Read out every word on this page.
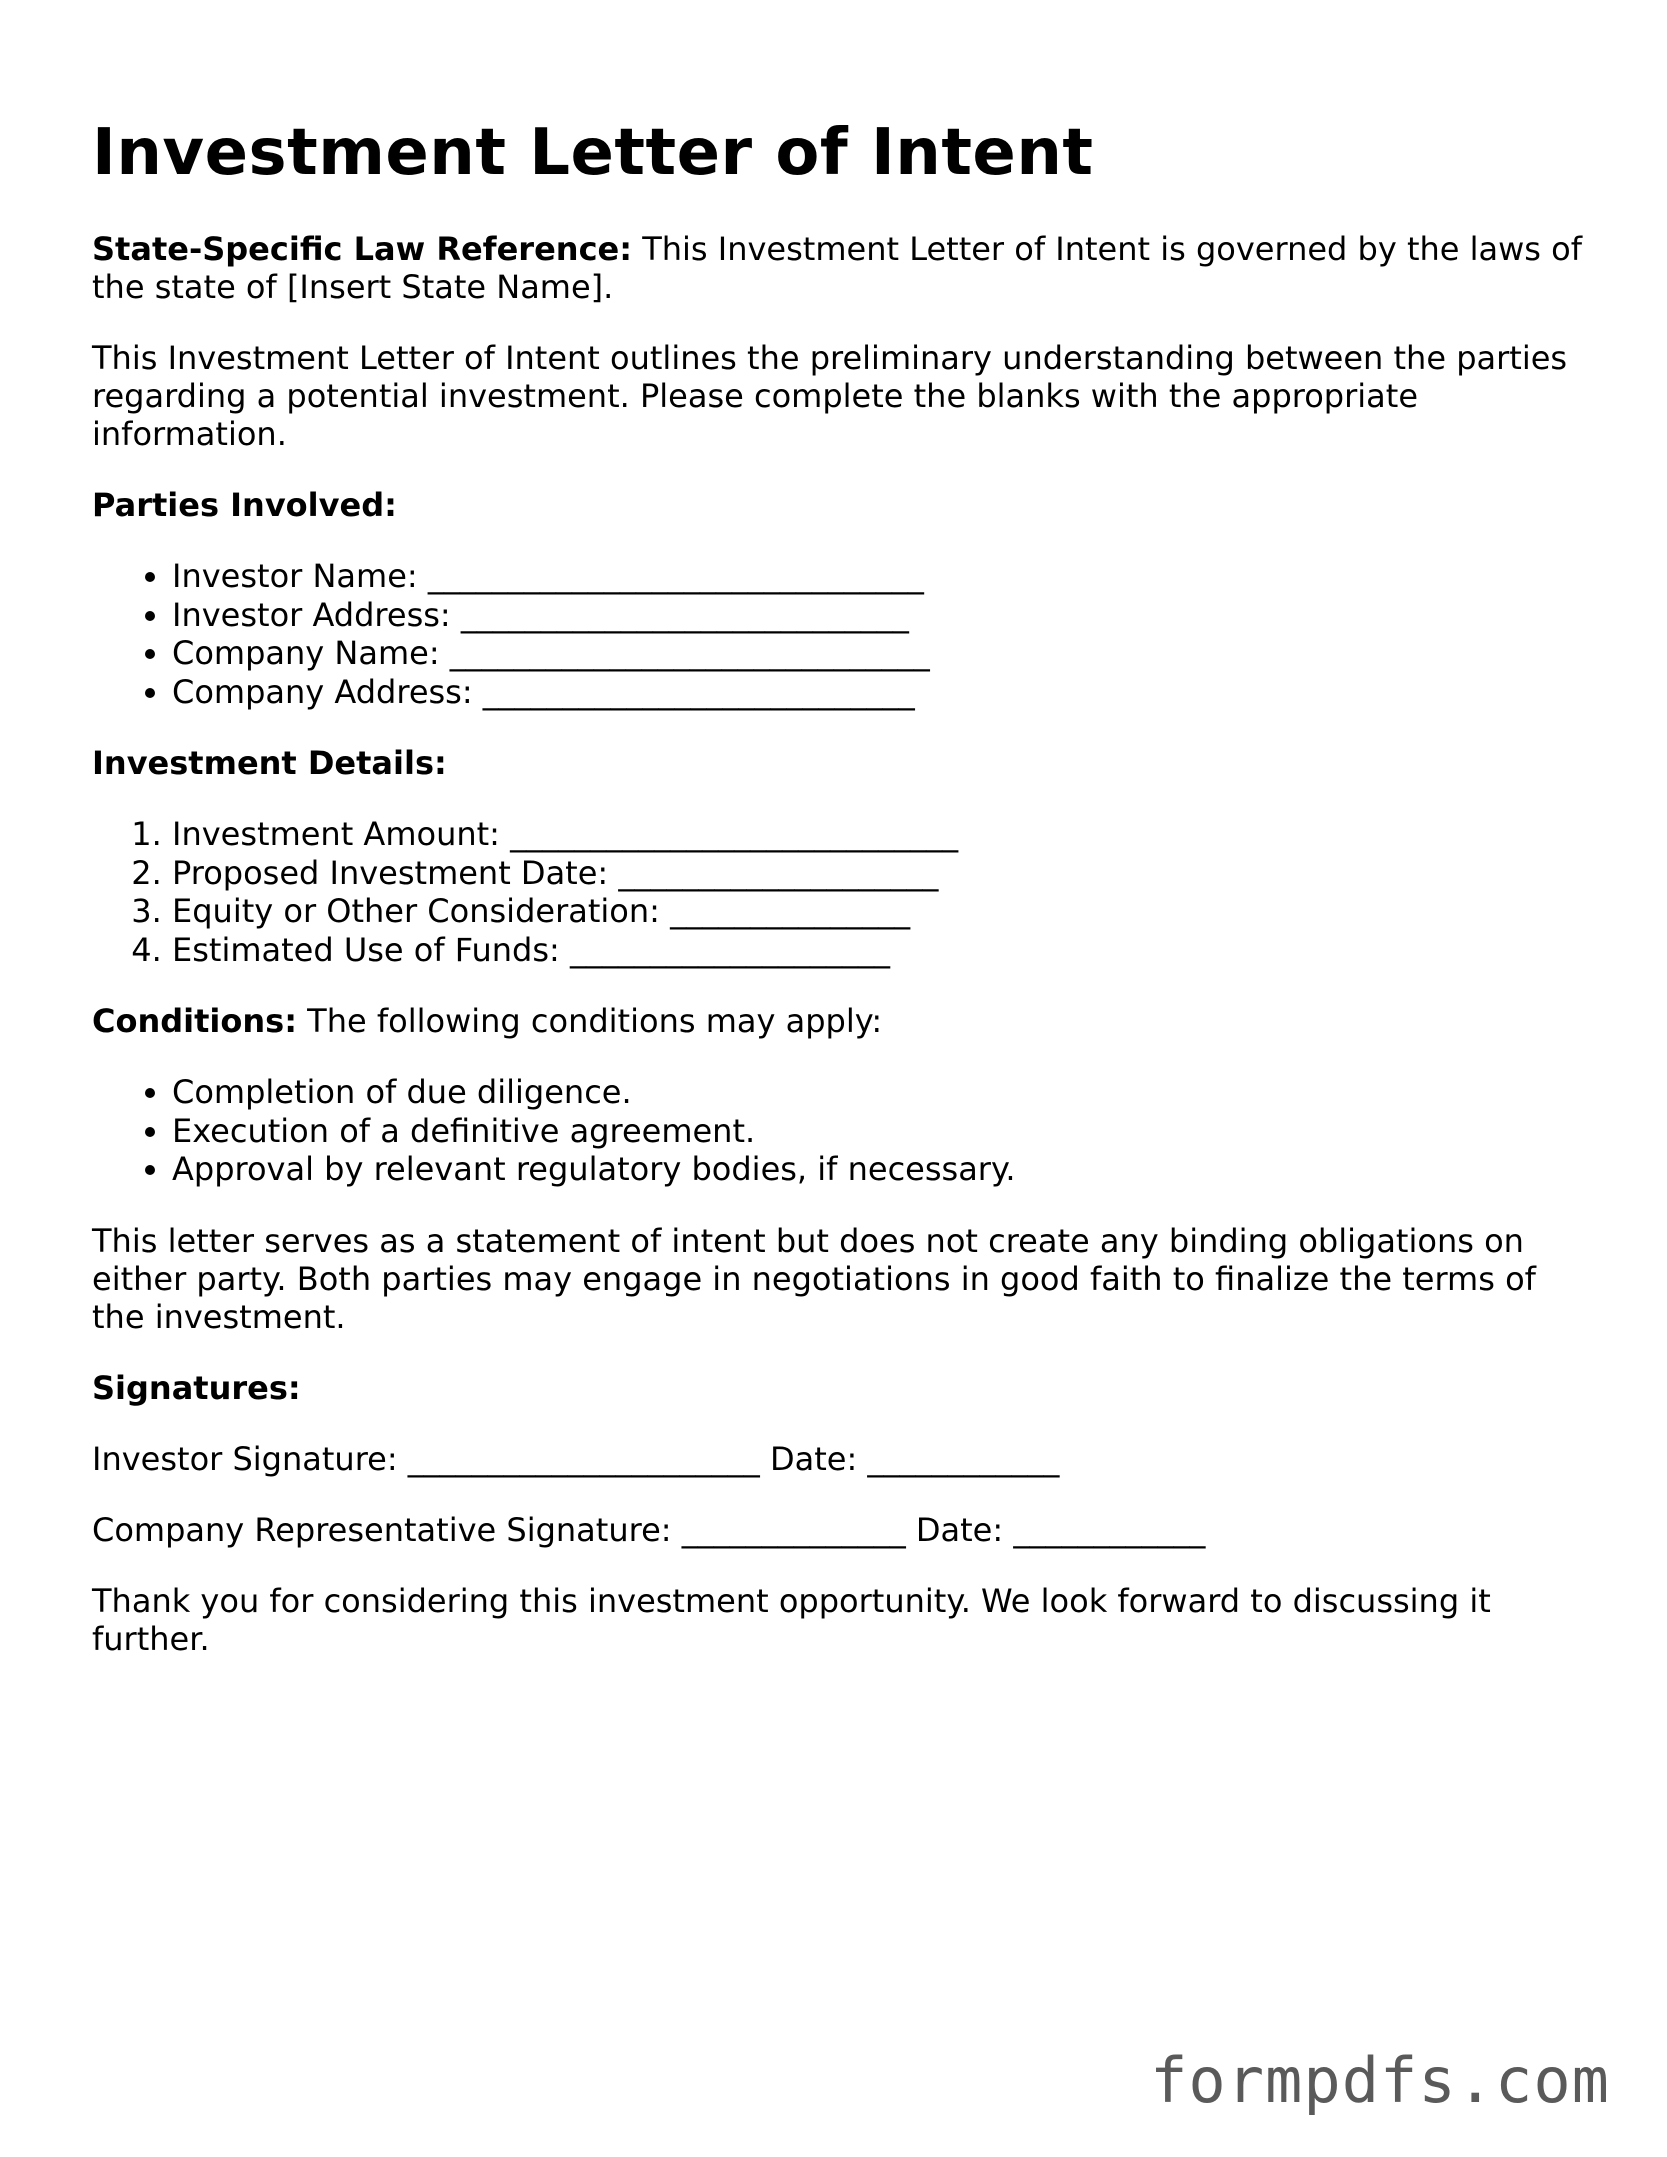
Investment Letter of Intent

State-Specific Law Reference: This Investment Letter of Intent is governed by the laws of the state of [Insert State Name].

This Investment Letter of Intent outlines the preliminary understanding between the parties regarding a potential investment. Please complete the blanks with the appropriate information.

Parties Involved:

• Investor Name: _______________________________
• Investor Address: ____________________________
• Company Name: ______________________________
• Company Address: ___________________________

Investment Details:

1. Investment Amount: ____________________________
2. Proposed Investment Date: ____________________
3. Equity or Other Consideration: _______________
4. Estimated Use of Funds: ____________________

Conditions: The following conditions may apply:

• Completion of due diligence.
• Execution of a definitive agreement.
• Approval by relevant regulatory bodies, if necessary.

This letter serves as a statement of intent but does not create any binding obligations on either party. Both parties may engage in negotiations in good faith to finalize the terms of the investment.

Signatures:

Investor Signature: ______________________ Date: ____________

Company Representative Signature: ______________ Date: ____________

Thank you for considering this investment opportunity. We look forward to discussing it further.

formpdfs.com
